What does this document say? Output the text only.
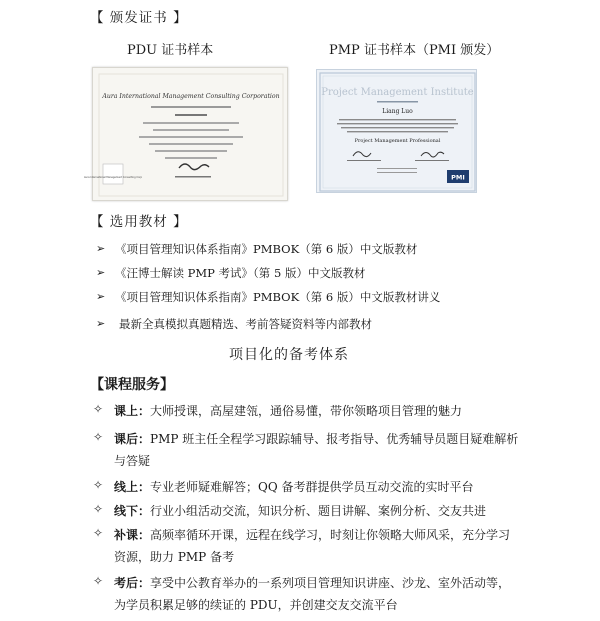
【 颁发证书 】
PDU 证书样本	PMP 证书样本（PMI 颁发）
Aura International Management Consulting Corporation
Aura International Management Consulting Corp
Project Management Institute
Liang Luo
Project Management Professional
PMI
【 选用教材 】
➢ 《项目管理知识体系指南》PMBOK（第 6 版）中文版教材
➢ 《汪博士解读 PMP 考试》（第 5 版）中文版教材
➢ 《项目管理知识体系指南》PMBOK（第 6 版）中文版教材讲义
➢ 最新全真模拟真题精选、考前答疑资料等内部教材
项目化的备考体系
【课程服务】
✧ 课上：大师授课，高屋建瓴，通俗易懂，带你领略项目管理的魅力
✧ 课后：PMP 班主任全程学习跟踪辅导、报考指导、优秀辅导员题目疑难解析
与答疑
✧ 线上：专业老师疑难解答；QQ 备考群提供学员互动交流的实时平台
✧ 线下：行业小组活动交流，知识分析、题目讲解、案例分析、交友共进
✧ 补课：高频率循环开课，远程在线学习，时刻让你领略大师风采，充分学习
资源，助力 PMP 备考
✧ 考后：享受中公教育举办的一系列项目管理知识讲座、沙龙、室外活动等，
为学员积累足够的续证的 PDU，并创建交友交流平台
